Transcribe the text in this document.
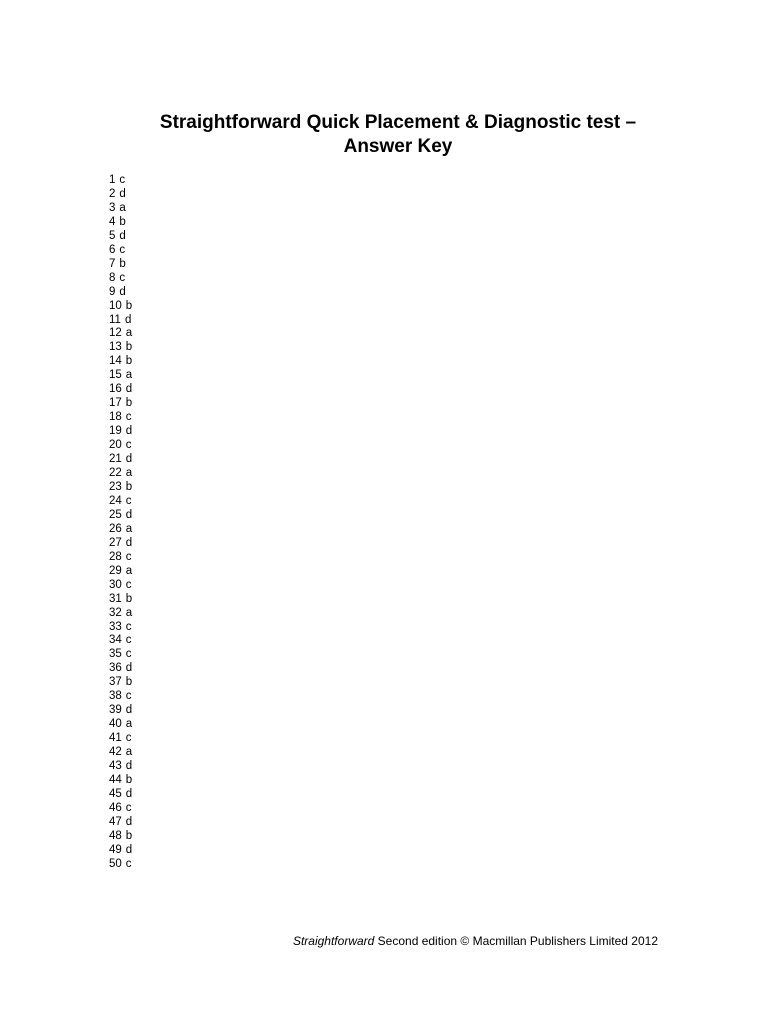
Straightforward Quick Placement & Diagnostic test –
Answer Key
1 c
2 d
3 a
4 b
5 d
6 c
7 b
8 c
9 d
10 b
11 d
12 a
13 b
14 b
15 a
16 d
17 b
18 c
19 d
20 c
21 d
22 a
23 b
24 c
25 d
26 a
27 d
28 c
29 a
30 c
31 b
32 a
33 c
34 c
35 c
36 d
37 b
38 c
39 d
40 a
41 c
42 a
43 d
44 b
45 d
46 c
47 d
48 b
49 d
50 c
Straightforward Second edition © Macmillan Publishers Limited 2012
